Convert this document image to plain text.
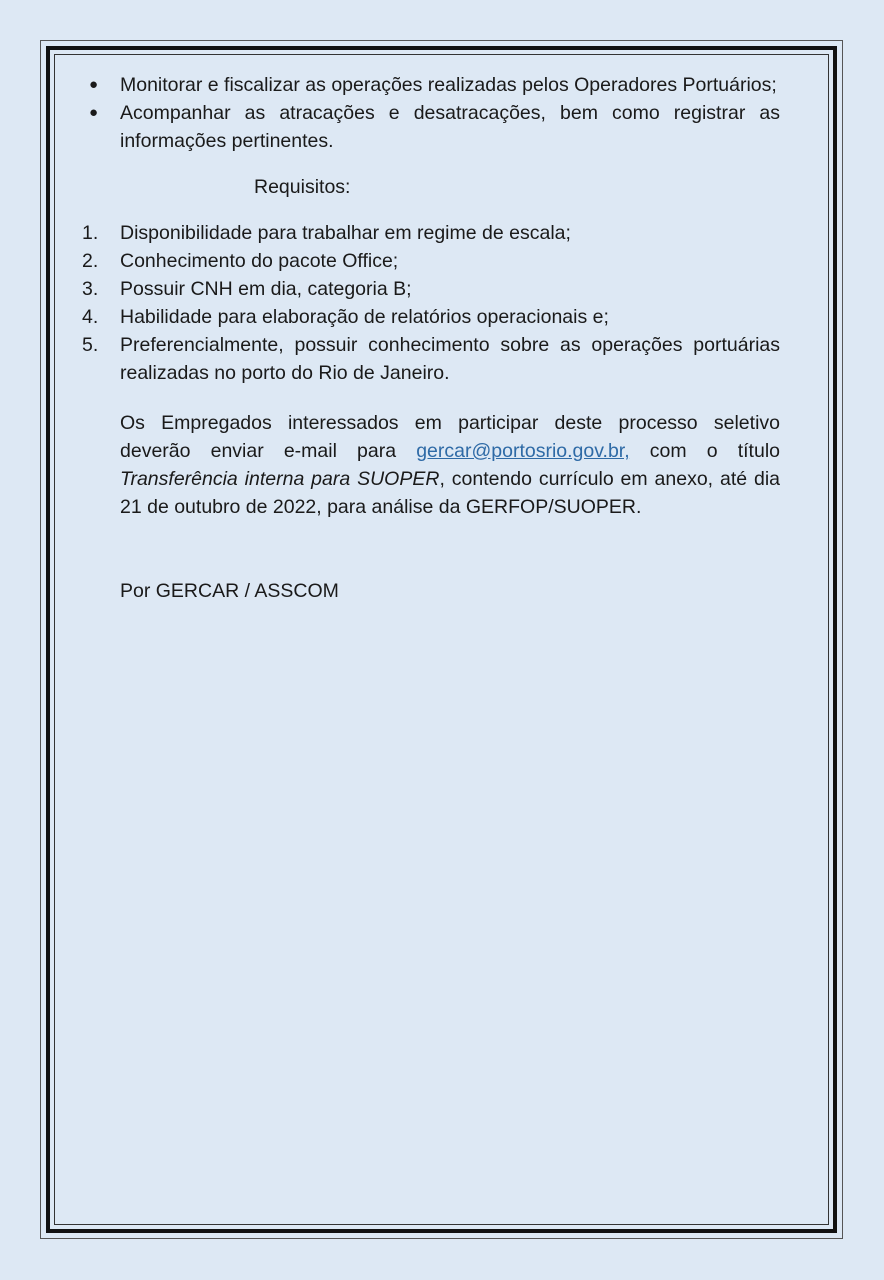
● Monitorar e fiscalizar as operações realizadas pelos Operadores Portuários;
● Acompanhar as atracações e desatracações, bem como registrar as informações pertinentes.
Requisitos:
1. Disponibilidade para trabalhar em regime de escala;
2. Conhecimento do pacote Office;
3. Possuir CNH em dia, categoria B;
4. Habilidade para elaboração de relatórios operacionais e;
5. Preferencialmente, possuir conhecimento sobre as operações portuárias realizadas no porto do Rio de Janeiro.
Os Empregados interessados em participar deste processo seletivo deverão enviar e-mail para gercar@portosrio.gov.br, com o título Transferência interna para SUOPER, contendo currículo em anexo, até dia 21 de outubro de 2022, para análise da GERFOP/SUOPER.
Por GERCAR / ASSCOM
